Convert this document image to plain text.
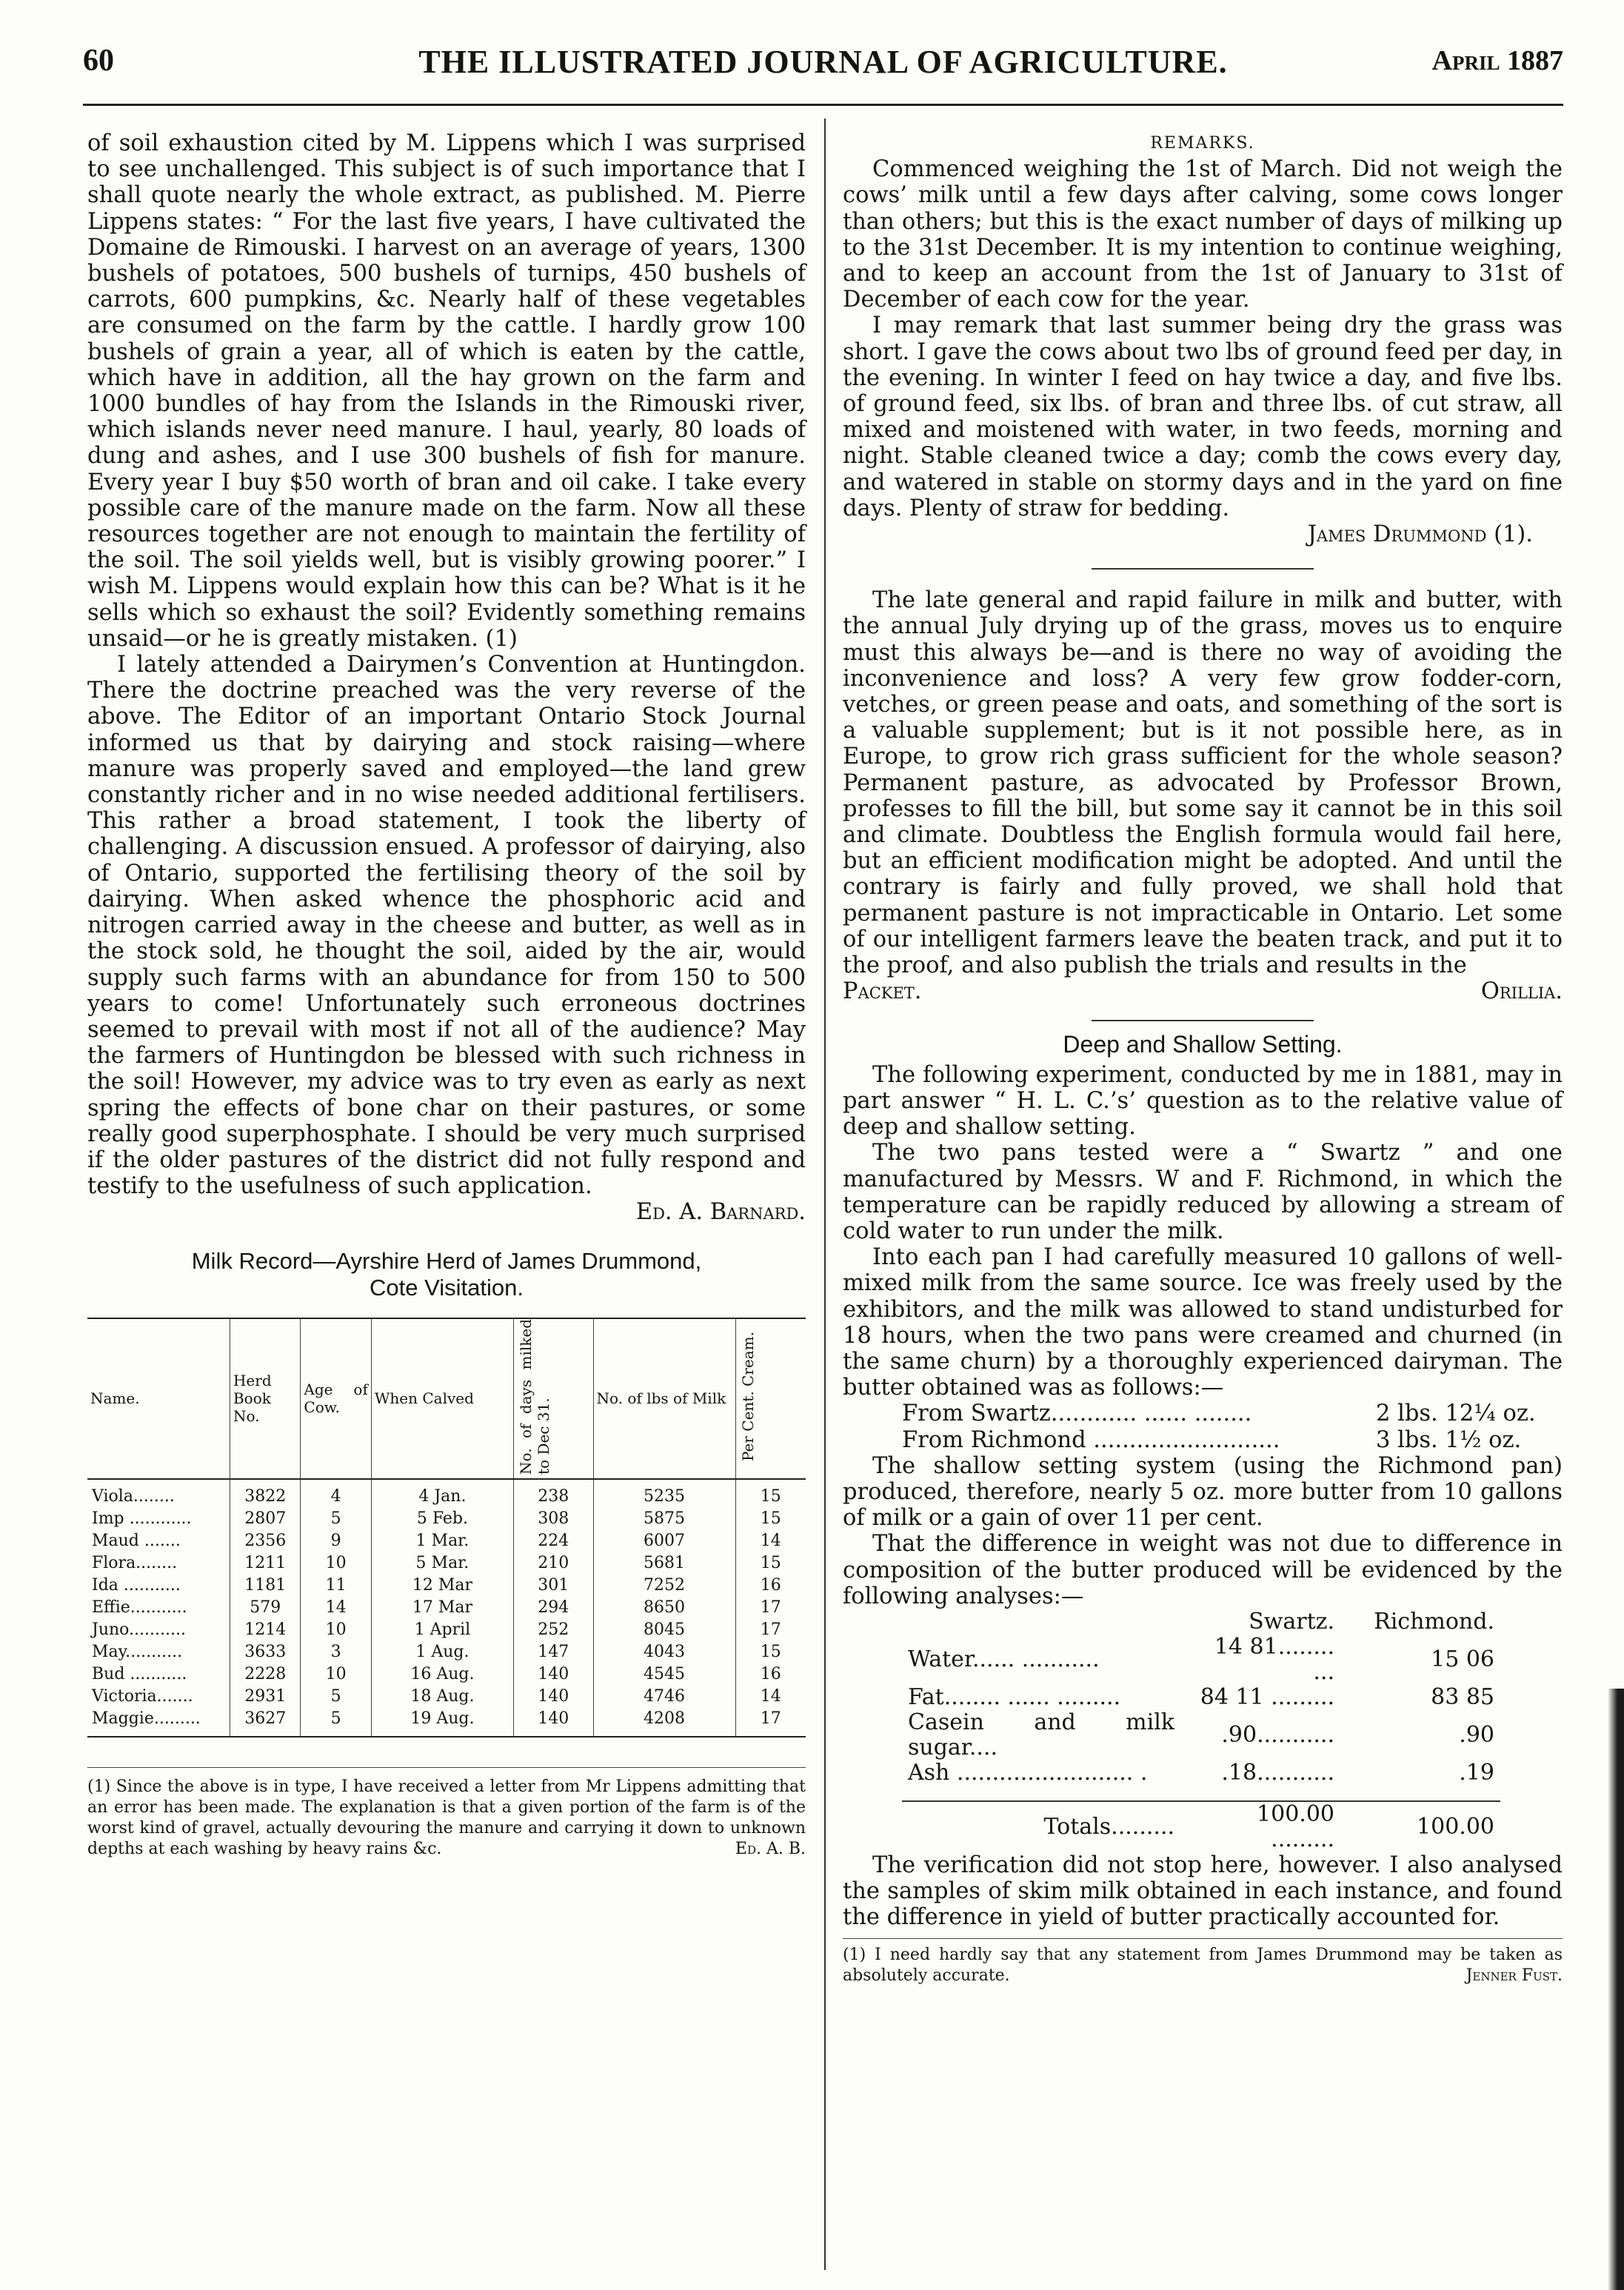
60	THE ILLUSTRATED JOURNAL OF AGRICULTURE.	April 1887

of soil exhaustion cited by M. Lippens which I was surprised to see unchallenged. This subject is of such importance that I shall quote nearly the whole extract, as published. M. Pierre Lippens states: “ For the last five years, I have cultivated the Domaine de Rimouski. I harvest on an average of years, 1300 bushels of potatoes, 500 bushels of turnips, 450 bushels of carrots, 600 pumpkins, &c. Nearly half of these vegetables are consumed on the farm by the cattle. I hardly grow 100 bushels of grain a year, all of which is eaten by the cattle, which have in addition, all the hay grown on the farm and 1000 bundles of hay from the Islands in the Rimouski river, which islands never need manure. I haul, yearly, 80 loads of dung and ashes, and I use 300 bushels of fish for manure. Every year I buy $50 worth of bran and oil cake. I take every possible care of the manure made on the farm. Now all these resources together are not enough to maintain the fertility of the soil. The soil yields well, but is visibly growing poorer.” I wish M. Lippens would explain how this can be? What is it he sells which so exhaust the soil? Evidently something remains unsaid—or he is greatly mistaken. (1)

I lately attended a Dairymen’s Convention at Huntingdon. There the doctrine preached was the very reverse of the above. The Editor of an important Ontario Stock Journal informed us that by dairying and stock raising—where manure was properly saved and employed—the land grew constantly richer and in no wise needed additional fertilisers. This rather a broad statement, I took the liberty of challenging. A discussion ensued. A professor of dairying, also of Ontario, supported the fertilising theory of the soil by dairying. When asked whence the phosphoric acid and nitrogen carried away in the cheese and butter, as well as in the stock sold, he thought the soil, aided by the air, would supply such farms with an abundance for from 150 to 500 years to come! Unfortunately such erroneous doctrines seemed to prevail with most if not all of the audience? May the farmers of Huntingdon be blessed with such richness in the soil! However, my advice was to try even as early as next spring the effects of bone char on their pastures, or some really good superphosphate. I should be very much surprised if the older pastures of the district did not fully respond and testify to the usefulness of such application.

Ed. A. Barnard.

Milk Record—Ayrshire Herd of James Drummond,
Cote Visitation.
Name.	Herd Book No.	Age of Cow.	When Calved	No. of days milked to Dec 31.	No. of lbs of Milk	Per Cent. Cream.
Viola........	3822	4	4 Jan.	238	5235	15
Imp ............	2807	5	5 Feb.	308	5875	15
Maud .......	2356	9	1 Mar.	224	6007	14
Flora........	1211	10	5 Mar.	210	5681	15
Ida ...........	1181	11	12 Mar	301	7252	16
Effie...........	579	14	17 Mar	294	8650	17
Juno...........	1214	10	1 April	252	8045	17
May...........	3633	3	1 Aug.	147	4043	15
Bud ...........	2228	10	16 Aug.	140	4545	16
Victoria.......	2931	5	18 Aug.	140	4746	14
Maggie.........	3627	5	19 Aug.	140	4208	17
(1) Since the above is in type, I have received a letter from Mr Lippens admitting that an error has been made. The explanation is that a given portion of the farm is of the worst kind of gravel, actually devouring the manure and carrying it down to unknown depths at each washing by heavy rains &c.	Ed. A. B.
REMARKS.

Commenced weighing the 1st of March. Did not weigh the cows’ milk until a few days after calving, some cows longer than others; but this is the exact number of days of milking up to the 31st December. It is my intention to continue weighing, and to keep an account from the 1st of January to 31st of December of each cow for the year.

I may remark that last summer being dry the grass was short. I gave the cows about two lbs of ground feed per day, in the evening. In winter I feed on hay twice a day, and five lbs. of ground feed, six lbs. of bran and three lbs. of cut straw, all mixed and moistened with water, in two feeds, morning and night. Stable cleaned twice a day; comb the cows every day, and watered in stable on stormy days and in the yard on fine days. Plenty of straw for bedding.

James Drummond (1).

The late general and rapid failure in milk and butter, with the annual July drying up of the grass, moves us to enquire must this always be—and is there no way of avoiding the inconvenience and loss? A very few grow fodder-corn, vetches, or green pease and oats, and something of the sort is a valuable supplement; but is it not possible here, as in Europe, to grow rich grass sufficient for the whole season? Permanent pasture, as advocated by Professor Brown, professes to fill the bill, but some say it cannot be in this soil and climate. Doubtless the English formula would fail here, but an efficient modification might be adopted. And until the contrary is fairly and fully proved, we shall hold that permanent pasture is not impracticable in Ontario. Let some of our intelligent farmers leave the beaten track, and put it to the proof, and also publish the trials and results in the

Packet.	Orillia.

Deep and Shallow Setting.

The following experiment, conducted by me in 1881, may in part answer “ H. L. C.’s’ question as to the relative value of deep and shallow setting.

The two pans tested were a “ Swartz ” and one manufactured by Messrs. W and F. Richmond, in which the temperature can be rapidly reduced by allowing a stream of cold water to run under the milk.

Into each pan I had carefully measured 10 gallons of well-mixed milk from the same source. Ice was freely used by the exhibitors, and the milk was allowed to stand undisturbed for 18 hours, when the two pans were creamed and churned (in the same churn) by a thoroughly experienced dairyman. The butter obtained was as follows:—

From Swartz............ ...... ........	2 lbs. 12¼ oz.
From Richmond ..........................	3 lbs. 1½ oz.

The shallow setting system (using the Richmond pan) produced, therefore, nearly 5 oz. more butter from 10 gallons of milk or a gain of over 11 per cent.

That the difference in weight was not due to difference in composition of the butter produced will be evidenced by the following analyses:—

	Swartz.	Richmond.
Water...... ...........	14 81........ ...	15 06
Fat........ ...... .........	84 11 .........	83 85
Casein and milk sugar....	.90...........	.90
Ash ......................... .	.18...........	.19

Totals.........	100.00 .........	100.00

The verification did not stop here, however. I also analysed the samples of skim milk obtained in each instance, and found the difference in yield of butter practically accounted for.

(1) I need hardly say that any statement from James Drummond may be taken as absolutely accurate.	Jenner Fust.
